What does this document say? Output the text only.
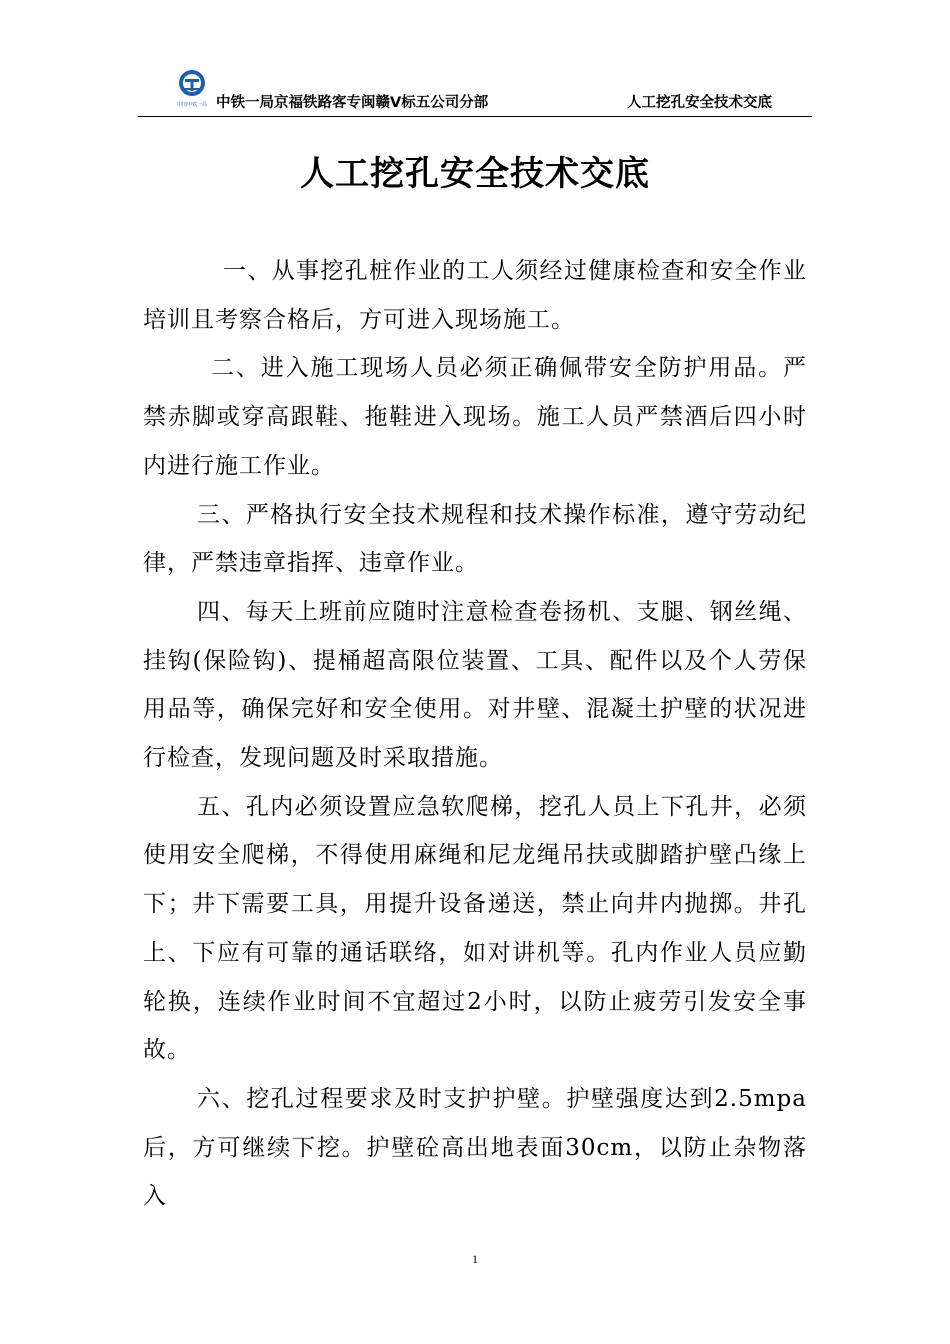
中国中铁一局 中铁一局京福铁路客专闽赣Ⅴ标五公司分部	人工挖孔安全技术交底
人工挖孔安全技术交底

一、从事挖孔桩作业的工人须经过健康检查和安全作业培训且考察合格后，方可进入现场施工。

二、进入施工现场人员必须正确佩带安全防护用品。严禁赤脚或穿高跟鞋、拖鞋进入现场。施工人员严禁酒后四小时内进行施工作业。

三、严格执行安全技术规程和技术操作标准，遵守劳动纪律，严禁违章指挥、违章作业。

四、每天上班前应随时注意检查卷扬机、支腿、钢丝绳、挂钩(保险钩)、提桶超高限位装置、工具、配件以及个人劳保用品等，确保完好和安全使用。对井壁、混凝土护壁的状况进行检查，发现问题及时采取措施。

五、孔内必须设置应急软爬梯，挖孔人员上下孔井，必须使用安全爬梯，不得使用麻绳和尼龙绳吊扶或脚踏护壁凸缘上下；井下需要工具，用提升设备递送，禁止向井内抛掷。井孔上、下应有可靠的通话联络，如对讲机等。孔内作业人员应勤轮换，连续作业时间不宜超过2小时，以防止疲劳引发安全事故。

六、挖孔过程要求及时支护护壁。护壁强度达到2.5mpa后，方可继续下挖。护壁砼高出地表面30cm，以防止杂物落入

1
